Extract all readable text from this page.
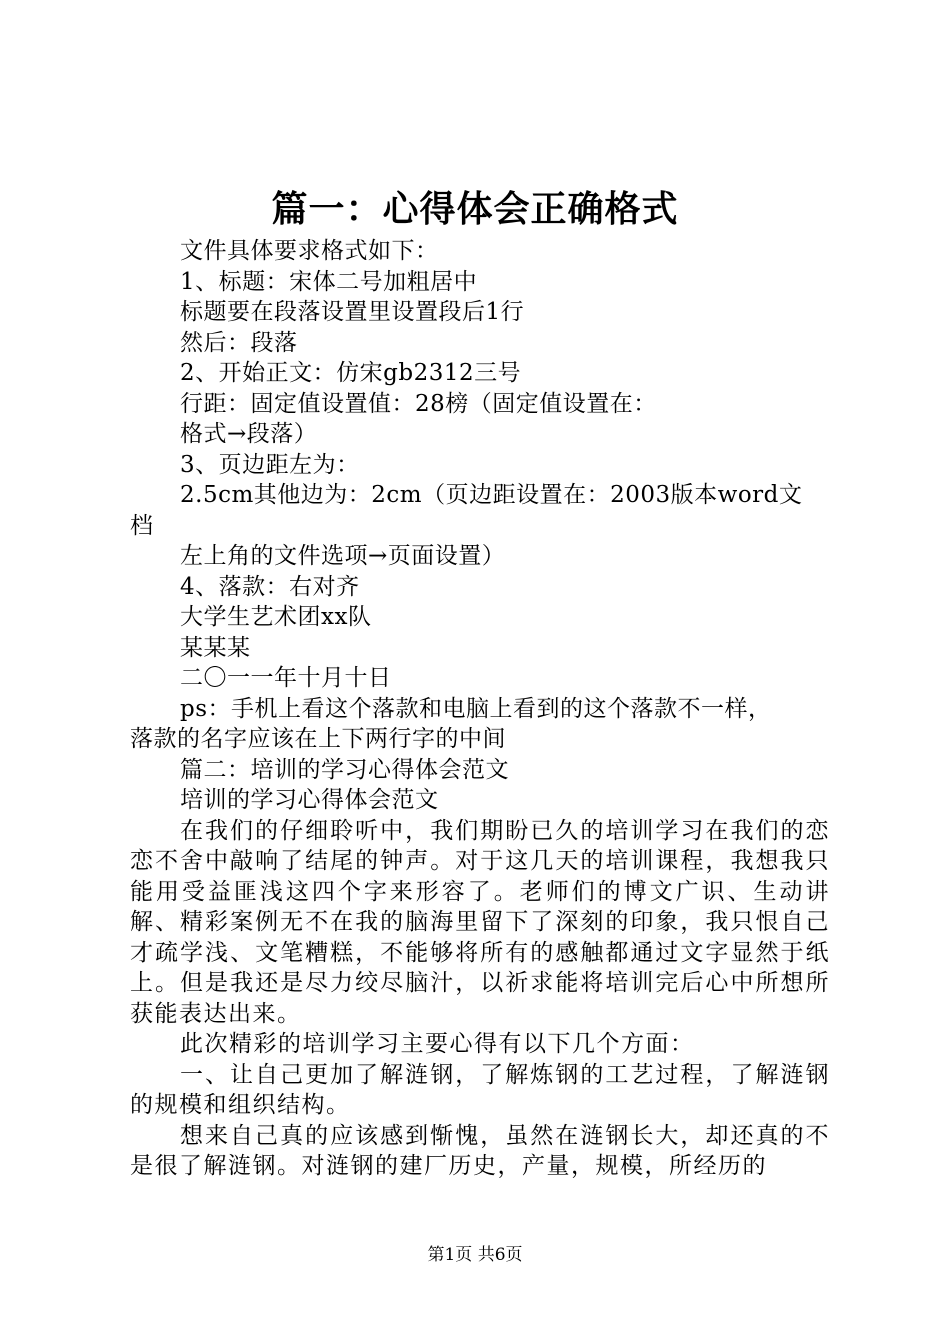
篇一：心得体会正确格式
文件具体要求格式如下：
1、标题：宋体二号加粗居中
标题要在段落设置里设置段后1行
然后：段落
2、开始正文：仿宋gb2312三号
行距：固定值设置值：28榜（固定值设置在：
格式→段落）
3、页边距左为：
2.5cm其他边为：2cm（页边距设置在：2003版本word文
档
左上角的文件选项→页面设置）
4、落款：右对齐
大学生艺术团xx队
某某某
二〇一一年十月十日
ps：手机上看这个落款和电脑上看到的这个落款不一样，
落款的名字应该在上下两行字的中间
篇二：培训的学习心得体会范文
培训的学习心得体会范文

在我们的仔细聆听中，我们期盼已久的培训学习在我们的恋恋不舍中敲响了结尾的钟声。对于这几天的培训课程，我想我只能用受益匪浅这四个字来形容了。老师们的博文广识、生动讲解、精彩案例无不在我的脑海里留下了深刻的印象，我只恨自己才疏学浅、文笔糟糕，不能够将所有的感触都通过文字显然于纸上。但是我还是尽力绞尽脑汁，以祈求能将培训完后心中所想所获能表达出来。

此次精彩的培训学习主要心得有以下几个方面：

一、让自己更加了解涟钢，了解炼钢的工艺过程，了解涟钢的规模和组织结构。

想来自己真的应该感到惭愧，虽然在涟钢长大，却还真的不是很了解涟钢。对涟钢的建厂历史，产量，规模，所经历的

第1页 共6页
